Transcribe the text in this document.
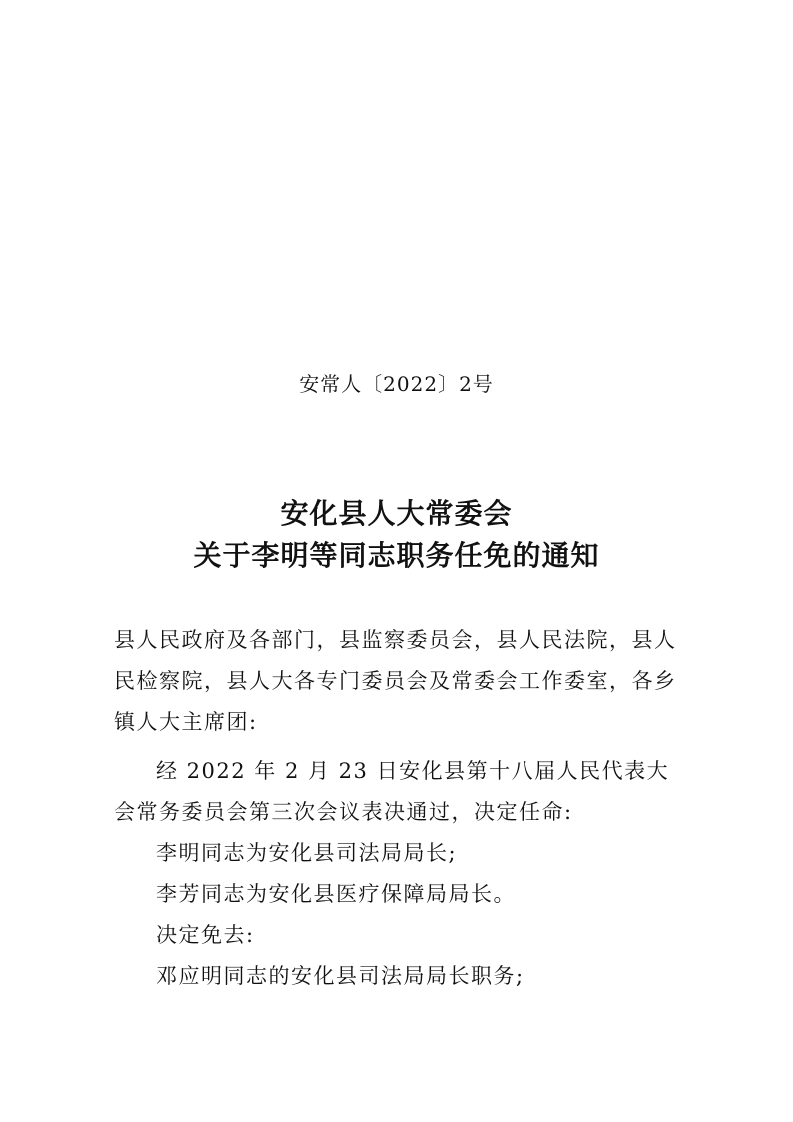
安常人〔2022〕2号
安化县人大常委会
关于李明等同志职务任免的通知
县人民政府及各部门，县监察委员会，县人民法院，县人民检察院，县人大各专门委员会及常委会工作委室，各乡镇人大主席团:
经 2022 年 2 月 23 日安化县第十八届人民代表大会常务委员会第三次会议表决通过，决定任命:
李明同志为安化县司法局局长;
李芳同志为安化县医疗保障局局长。
决定免去:
邓应明同志的安化县司法局局长职务;
